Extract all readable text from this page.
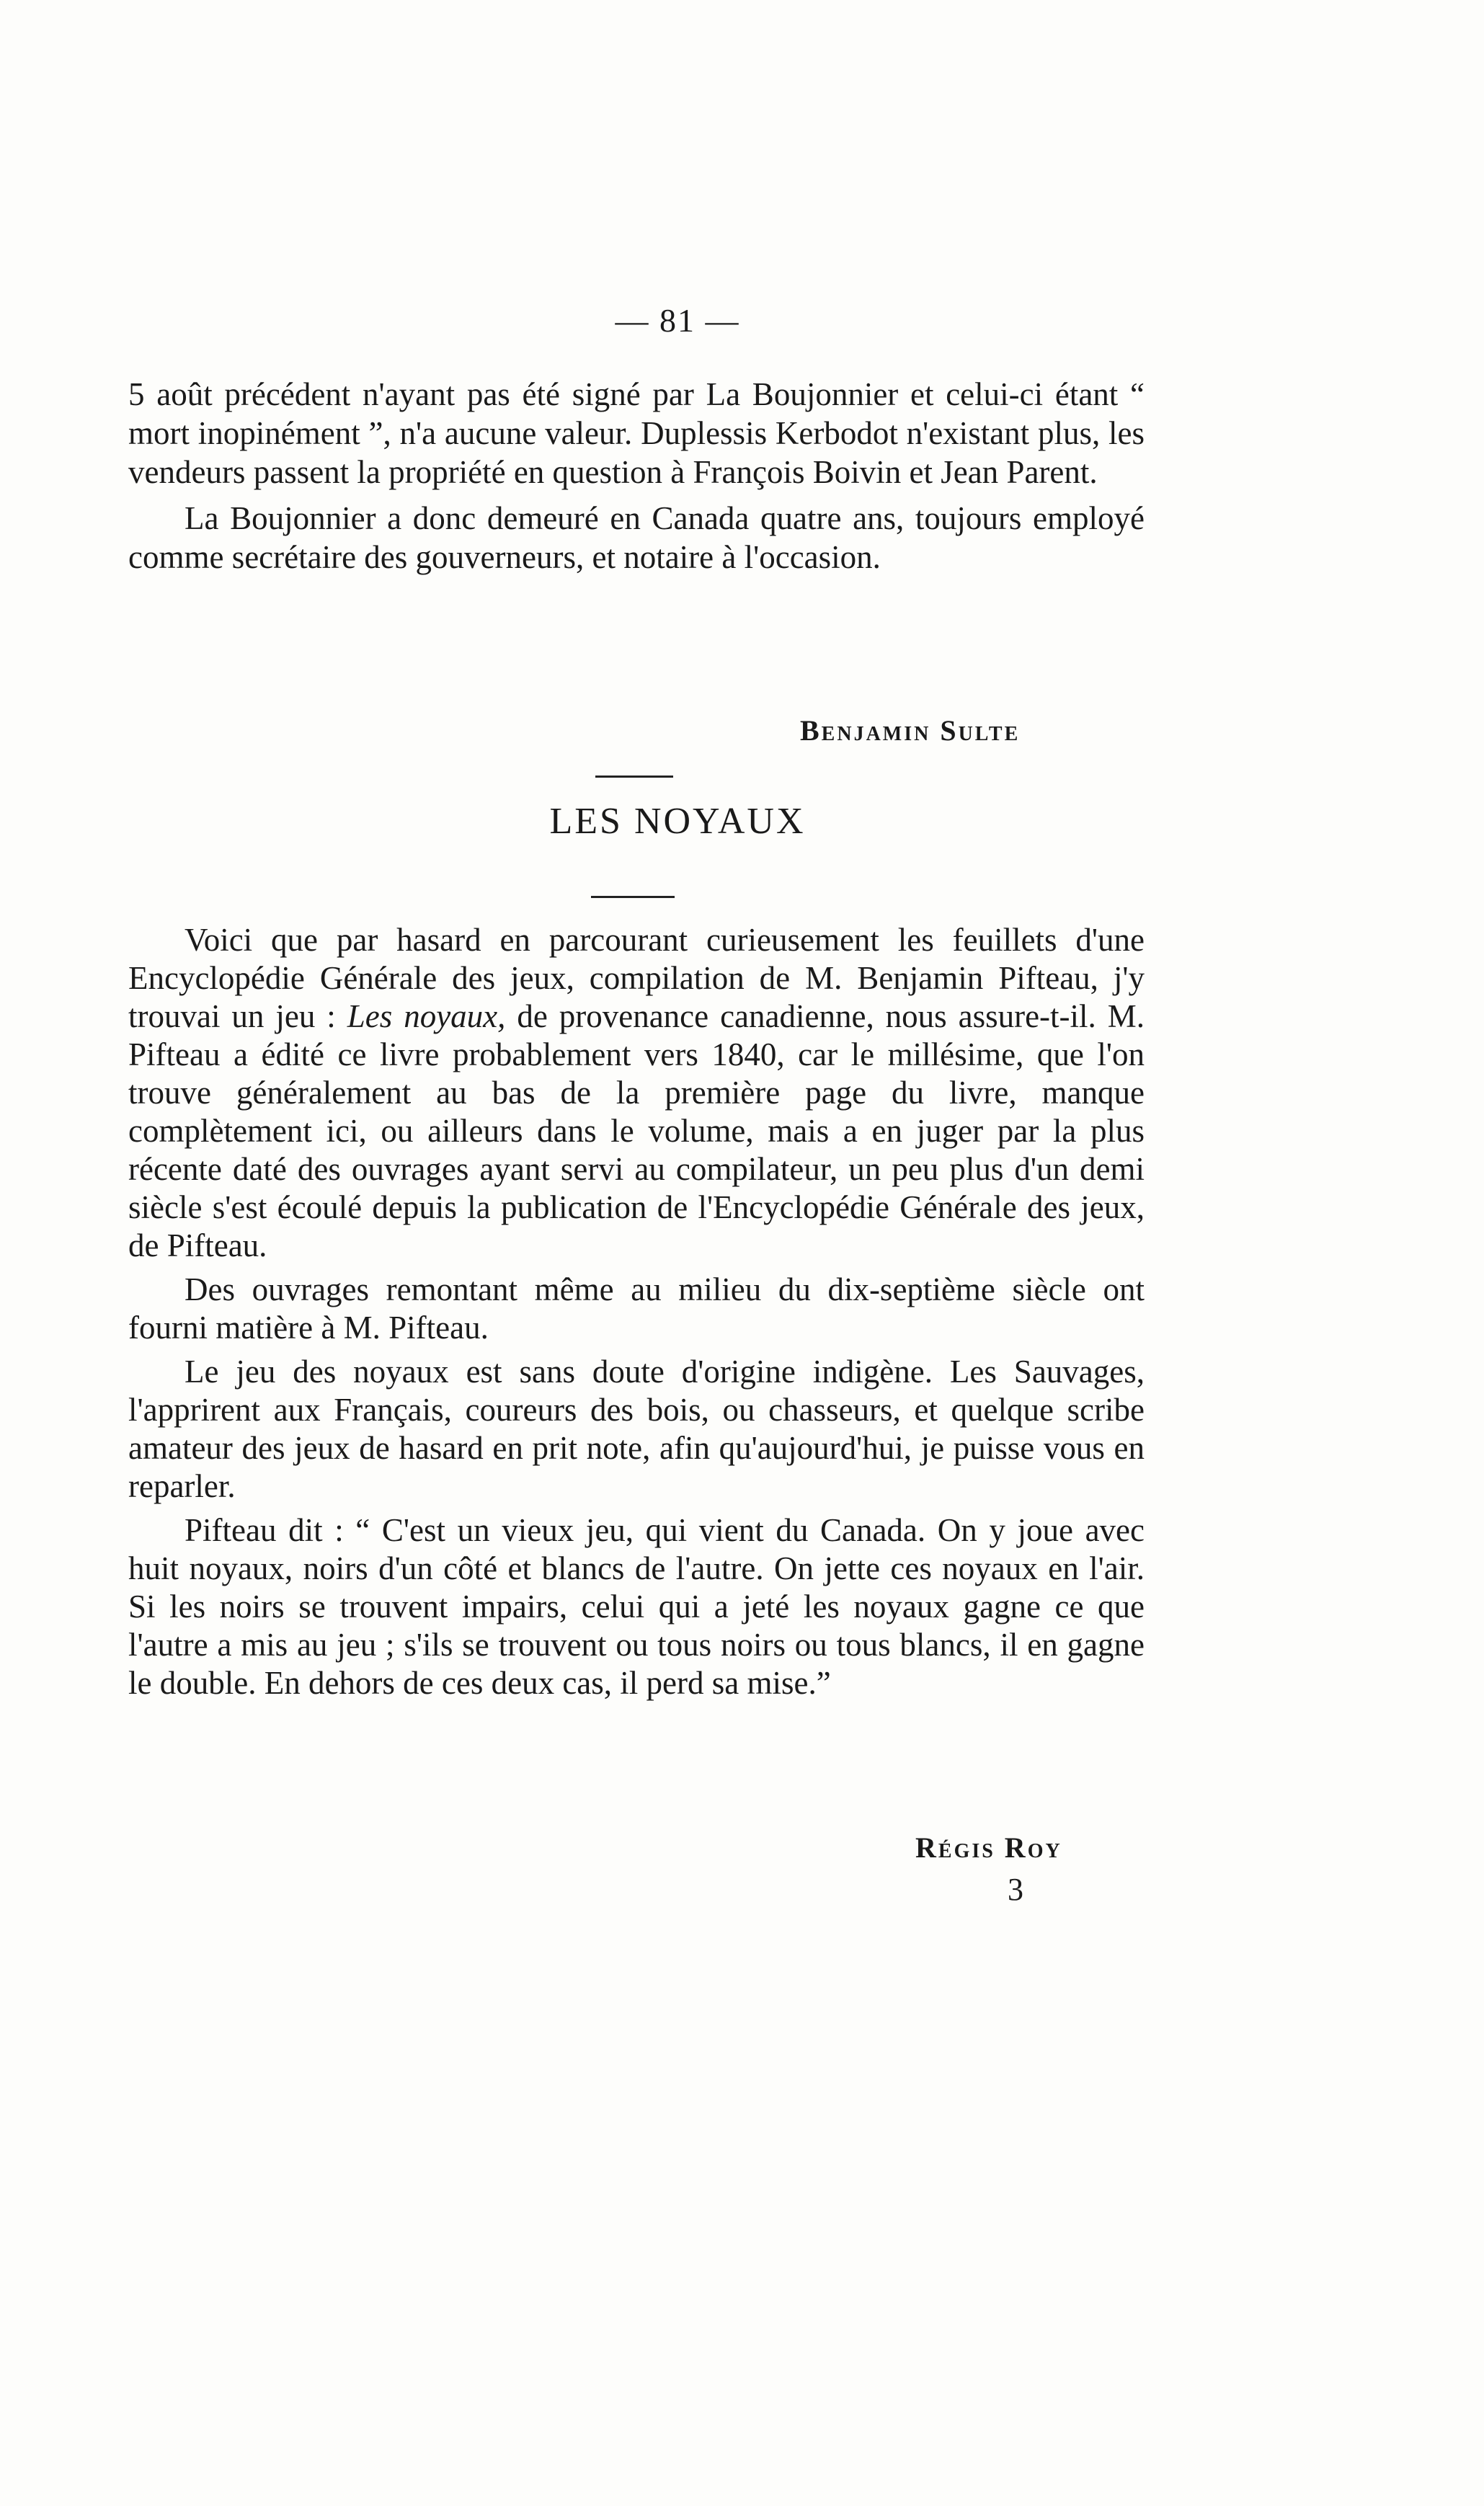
— 81 —

5 août précédent n'ayant pas été signé par La Boujonnier et celui-ci étant “ mort inopinément ”, n'a aucune valeur. Duplessis Kerbodot n'existant plus, les vendeurs passent la propriété en question à François Boivin et Jean Parent.

La Boujonnier a donc demeuré en Canada quatre ans, toujours employé comme secrétaire des gouverneurs, et notaire à l'occasion.

Benjamin Sulte
LES NOYAUX

Voici que par hasard en parcourant curieusement les feuillets d'une Encyclopédie Générale des jeux, compilation de M. Benjamin Pifteau, j'y trouvai un jeu : Les noyaux, de provenance canadienne, nous assure-t-il. M. Pifteau a édité ce livre probablement vers 1840, car le millésime, que l'on trouve généralement au bas de la première page du livre, manque complètement ici, ou ailleurs dans le volume, mais a en juger par la plus récente daté des ouvrages ayant servi au compilateur, un peu plus d'un demi siècle s'est écoulé depuis la publication de l'Encyclopédie Générale des jeux, de Pifteau.

Des ouvrages remontant même au milieu du dix-septième siècle ont fourni matière à M. Pifteau.

Le jeu des noyaux est sans doute d'origine indigène. Les Sauvages, l'apprirent aux Français, coureurs des bois, ou chasseurs, et quelque scribe amateur des jeux de hasard en prit note, afin qu'aujourd'hui, je puisse vous en reparler.

Pifteau dit : “ C'est un vieux jeu, qui vient du Canada. On y joue avec huit noyaux, noirs d'un côté et blancs de l'autre. On jette ces noyaux en l'air. Si les noirs se trouvent impairs, celui qui a jeté les noyaux gagne ce que l'autre a mis au jeu ; s'ils se trouvent ou tous noirs ou tous blancs, il en gagne le double. En dehors de ces deux cas, il perd sa mise.”

Régis Roy
3
